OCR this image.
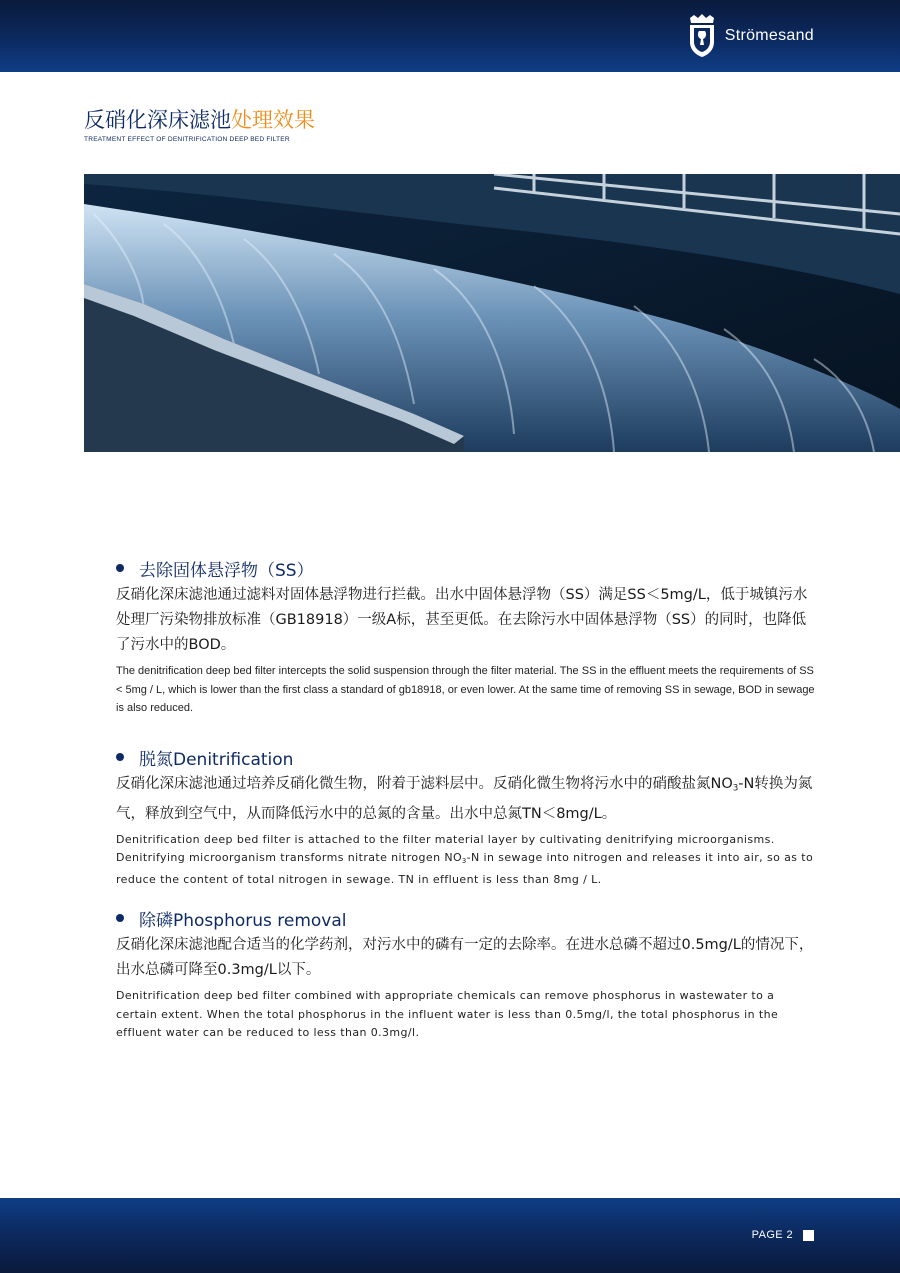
Strömesand
反硝化深床滤池处理效果
TREATMENT EFFECT OF DENITRIFICATION DEEP BED FILTER
去除固体悬浮物（SS）
反硝化深床滤池通过滤料对固体悬浮物进行拦截。出水中固体悬浮物（SS）满足SS＜5mg/L，低于城镇污水处理厂污染物排放标准（GB18918）一级A标，甚至更低。在去除污水中固体悬浮物（SS）的同时，也降低了污水中的BOD。
The denitrification deep bed filter intercepts the solid suspension through the filter material. The SS in the effluent meets the requirements of SS < 5mg / L, which is lower than the first class a standard of gb18918, or even lower. At the same time of removing SS in sewage, BOD in sewage is also reduced.
脱氮Denitrification
反硝化深床滤池通过培养反硝化微生物，附着于滤料层中。反硝化微生物将污水中的硝酸盐氮$NO_3-N$转换为氮气，释放到空气中，从而降低污水中的总氮的含量。出水中总氮TN＜8mg/L。
Denitrification deep bed filter is attached to the filter material layer by cultivating denitrifying microorganisms. Denitrifying microorganism transforms nitrate nitrogen $NO_3-N$ in sewage into nitrogen and releases it into air, so as to reduce the content of total nitrogen in sewage. TN in effluent is less than 8mg / L.
除磷Phosphorus removal
反硝化深床滤池配合适当的化学药剂，对污水中的磷有一定的去除率。在进水总磷不超过0.5mg/L的情况下，出水总磷可降至0.3mg/L以下。
Denitrification deep bed filter combined with appropriate chemicals can remove phosphorus in wastewater to a certain extent. When the total phosphorus in the influent water is less than 0.5mg/l, the total phosphorus in the effluent water can be reduced to less than 0.3mg/l.
PAGE 2
